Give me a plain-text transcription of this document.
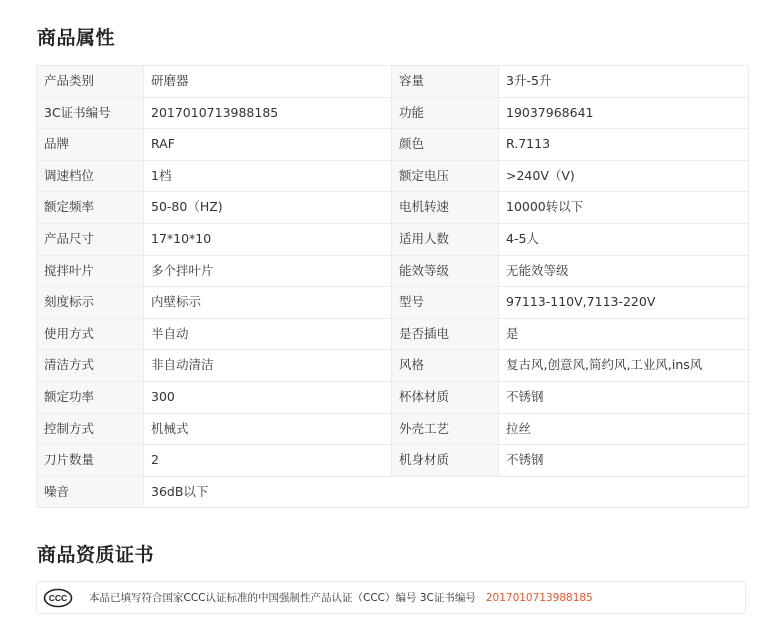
商品属性
产品类别	研磨器	容量	3升-5升
3C证书编号	2017010713988185	功能	19037968641
品牌	RAF	颜色	R.7113
调速档位	1档	额定电压	>240V（V)
额定频率	50-80（HZ)	电机转速	10000转以下
产品尺寸	17*10*10	适用人数	4-5人
搅拌叶片	多个拌叶片	能效等级	无能效等级
刻度标示	内壁标示	型号	97113-110V,7113-220V
使用方式	半自动	是否插电	是
清洁方式	非自动清洁	风格	复古风,创意风,简约风,工业风,ins风
额定功率	300	杯体材质	不锈钢
控制方式	机械式	外壳工艺	拉丝
刀片数量	2	机身材质	不锈钢
噪音	36dB以下		
商品资质证书
CCC 本品已填写符合国家CCC认证标准的中国强制性产品认证（CCC）编号 3C证书编号 2017010713988185
